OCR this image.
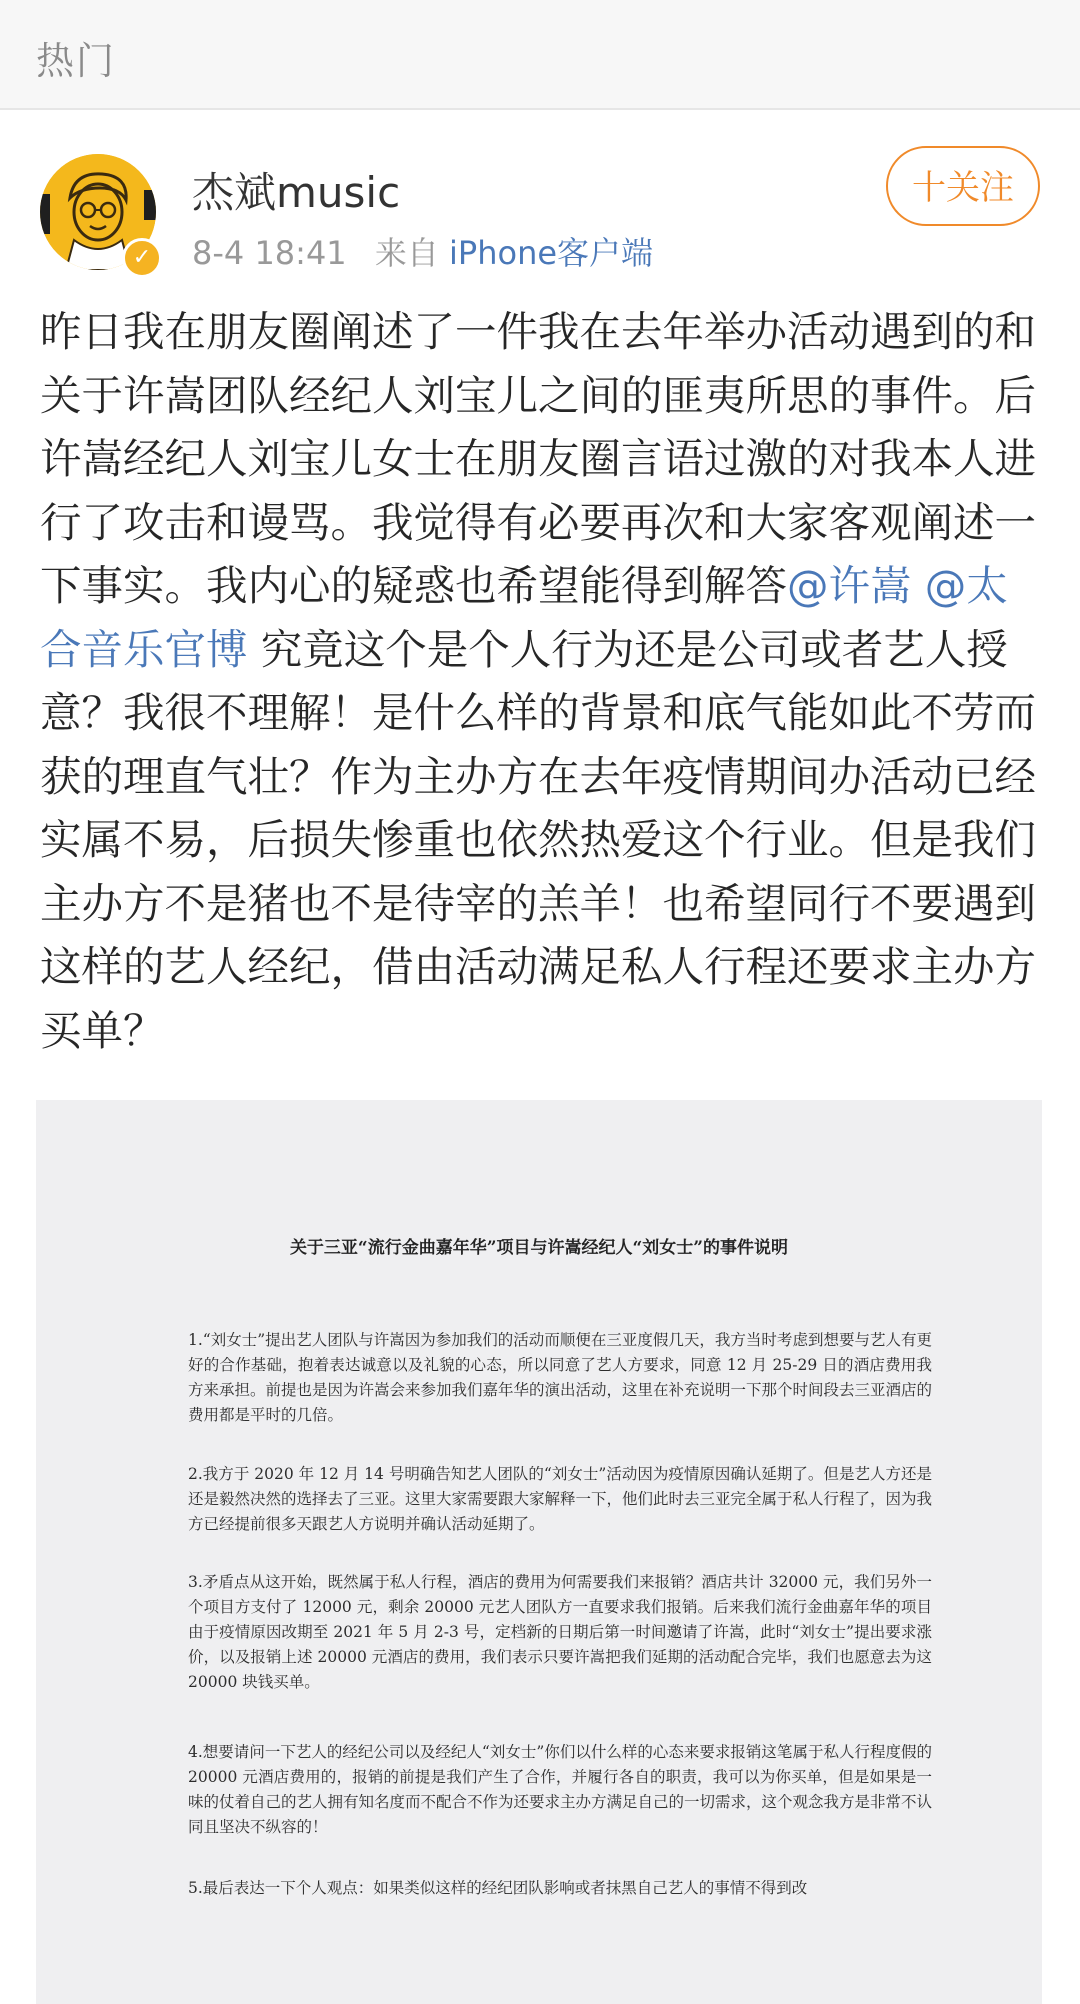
热门
✓
杰斌music
8-4 18:41 来自 iPhone客户端
十关注

昨日我在朋友圈阐述了一件我在去年举办活动遇到的和关于许嵩团队经纪人刘宝儿之间的匪夷所思的事件。后 许嵩经纪人刘宝儿女士在朋友圈言语过激的对我本人进行了攻击和谩骂。我觉得有必要再次和大家客观阐述一下事实。我内心的疑惑也希望能得到解答@许嵩 @太合音乐官博 究竟这个是个人行为还是公司或者艺人授意？我很不理解！是什么样的背景和底气能如此不劳而获的理直气壮？作为主办方在去年疫情期间办活动已经实属不易，后损失惨重也依然热爱这个行业。但是我们主办方不是猪也不是待宰的羔羊！也希望同行不要遇到这样的艺人经纪，借由活动满足私人行程还要求主办方买单？

关于三亚“流行金曲嘉年华”项目与许嵩经纪人“刘女士”的事件说明

1.“刘女士”提出艺人团队与许嵩因为参加我们的活动而顺便在三亚度假几天，我方当时考虑到想要与艺人有更好的合作基础，抱着表达诚意以及礼貌的心态，所以同意了艺人方要求，同意 12 月 25-29 日的酒店费用我方来承担。前提也是因为许嵩会来参加我们嘉年华的演出活动，这里在补充说明一下那个时间段去三亚酒店的费用都是平时的几倍。

2.我方于 2020 年 12 月 14 号明确告知艺人团队的“刘女士”活动因为疫情原因确认延期了。但是艺人方还是还是毅然决然的选择去了三亚。这里大家需要跟大家解释一下，他们此时去三亚完全属于私人行程了，因为我方已经提前很多天跟艺人方说明并确认活动延期了。

3.矛盾点从这开始，既然属于私人行程，酒店的费用为何需要我们来报销？酒店共计 32000 元，我们另外一个项目方支付了 12000 元，剩余 20000 元艺人团队方一直要求我们报销。后来我们流行金曲嘉年华的项目由于疫情原因改期至 2021 年 5 月 2-3 号，定档新的日期后第一时间邀请了许嵩，此时“刘女士”提出要求涨价，以及报销上述 20000 元酒店的费用，我们表示只要许嵩把我们延期的活动配合完毕，我们也愿意去为这 20000 块钱买单。

4.想要请问一下艺人的经纪公司以及经纪人“刘女士”你们以什么样的心态来要求报销这笔属于私人行程度假的 20000 元酒店费用的，报销的前提是我们产生了合作，并履行各自的职责，我可以为你买单，但是如果是一味的仗着自己的艺人拥有知名度而不配合不作为还要求主办方满足自己的一切需求，这个观念我方是非常不认同且坚决不纵容的！

5.最后表达一下个人观点：如果类似这样的经纪团队影响或者抹黑自己艺人的事情不得到改
